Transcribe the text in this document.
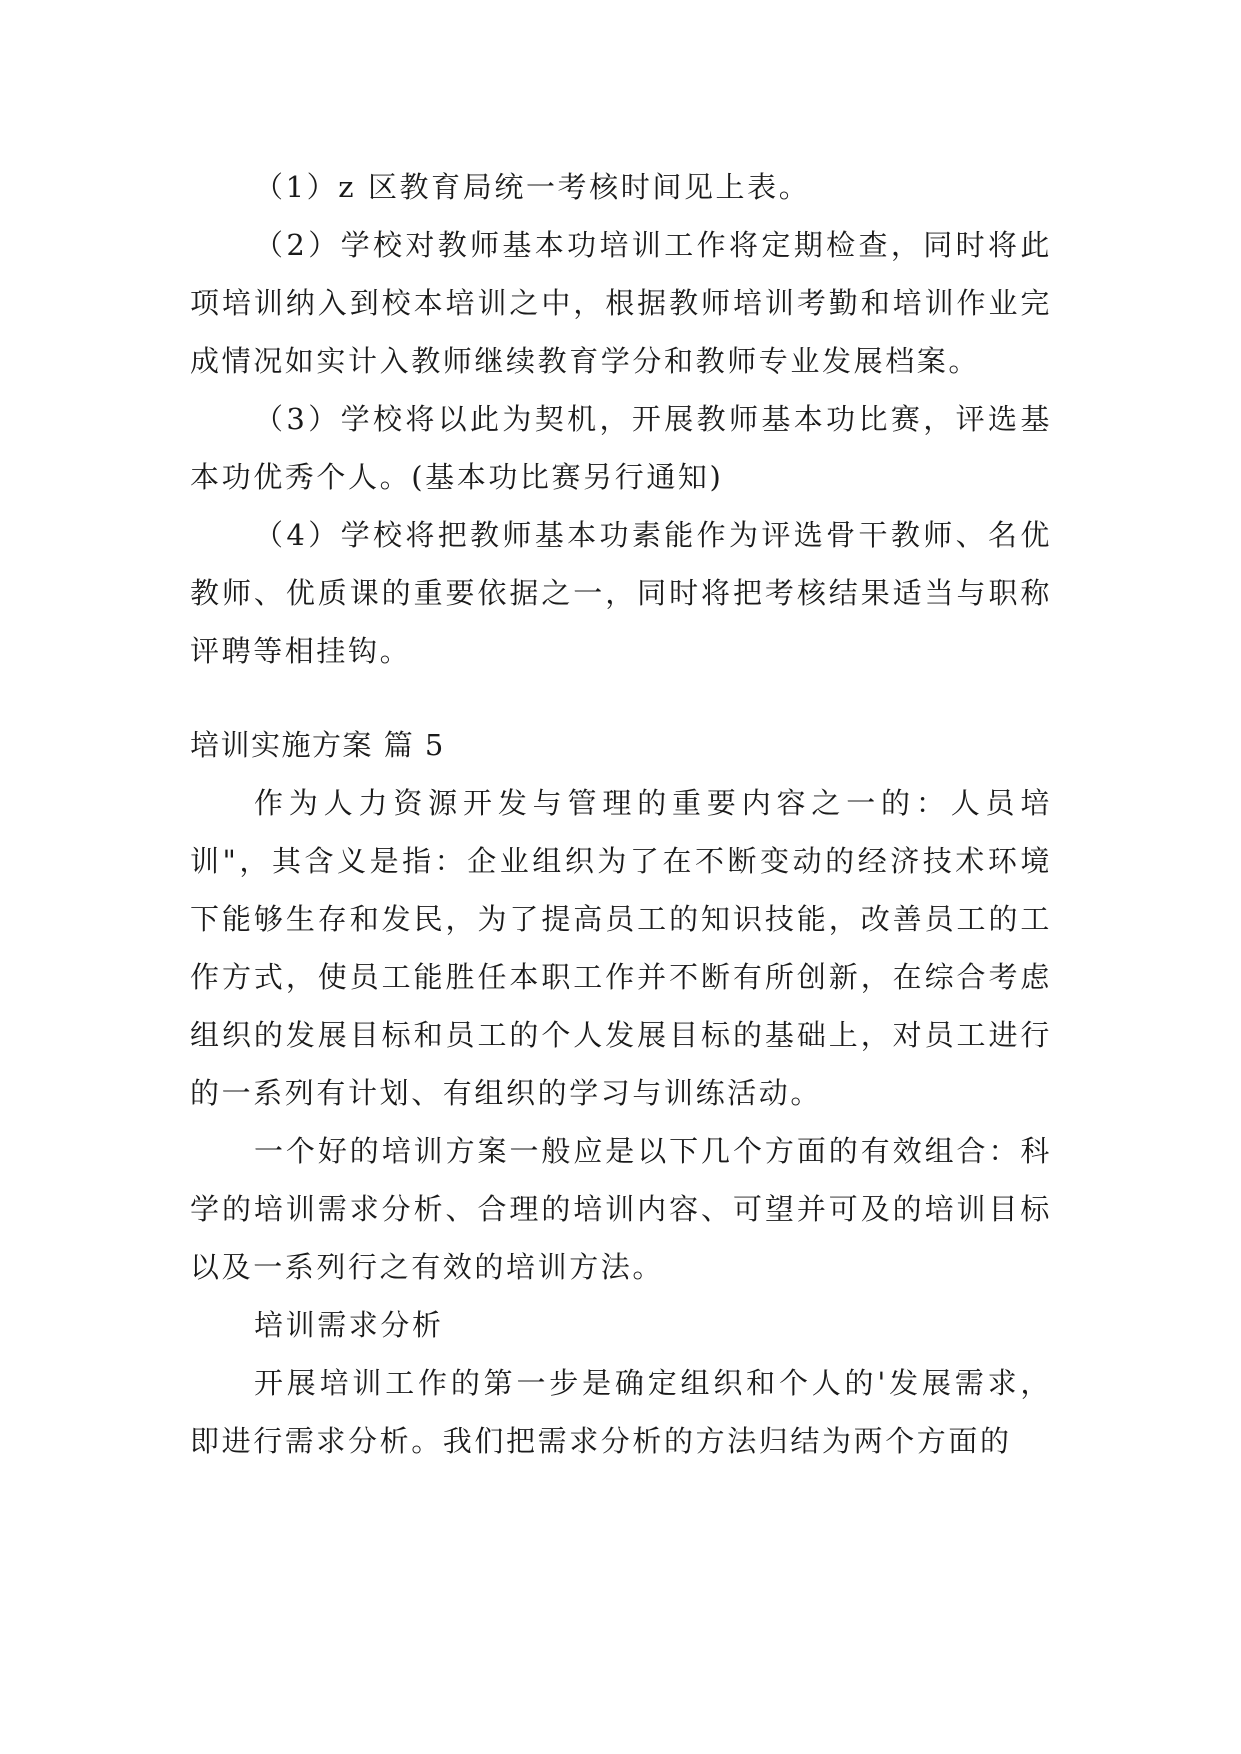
（1）z 区教育局统一考核时间见上表。

（2）学校对教师基本功培训工作将定期检查，同时将此项培训纳入到校本培训之中，根据教师培训考勤和培训作业完成情况如实计入教师继续教育学分和教师专业发展档案。

（3）学校将以此为契机，开展教师基本功比赛，评选基本功优秀个人。(基本功比赛另行通知)

（4）学校将把教师基本功素能作为评选骨干教师、名优教师、优质课的重要依据之一，同时将把考核结果适当与职称评聘等相挂钩。

培训实施方案 篇 5

作为人力资源开发与管理的重要内容之一的：人员培训"，其含义是指：企业组织为了在不断变动的经济技术环境下能够生存和发民，为了提高员工的知识技能，改善员工的工作方式，使员工能胜任本职工作并不断有所创新，在综合考虑组织的发展目标和员工的个人发展目标的基础上，对员工进行的一系列有计划、有组织的学习与训练活动。

一个好的培训方案一般应是以下几个方面的有效组合：科学的培训需求分析、合理的培训内容、可望并可及的培训目标以及一系列行之有效的培训方法。

培训需求分析

开展培训工作的第一步是确定组织和个人的'发展需求，即进行需求分析。我们把需求分析的方法归结为两个方面的
